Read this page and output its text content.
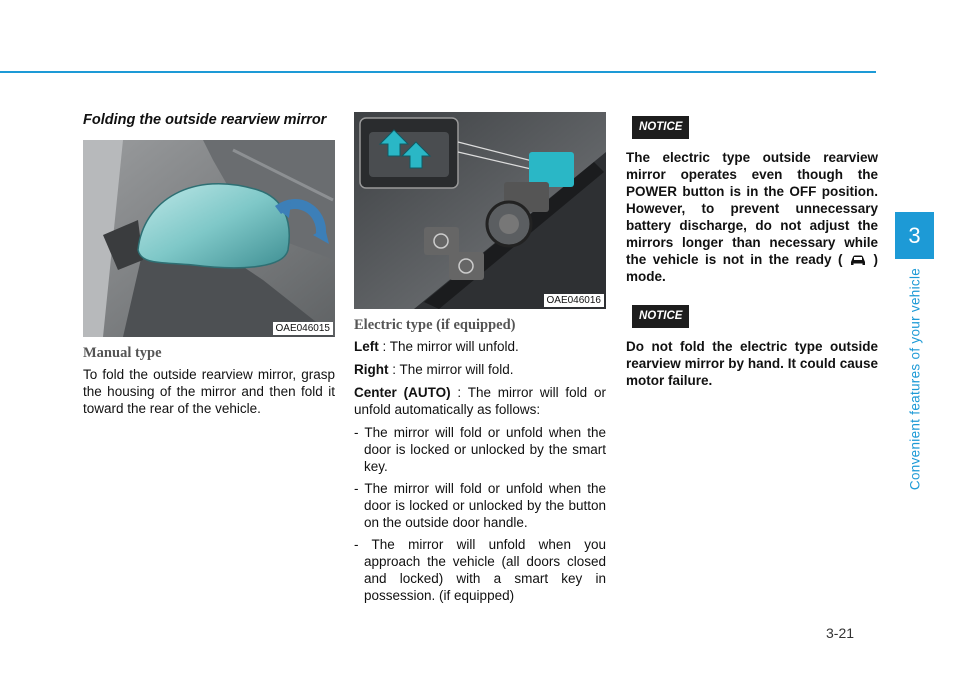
3
Convenient features of your vehicle
3-21
Folding the outside rearview mirror
OAE046015
Manual type

To fold the outside rearview mirror, grasp the housing of the mirror and then fold it toward the rear of the vehicle.

OAE046016
Electric type (if equipped)

Left : The mirror will unfold.

Right : The mirror will fold.

Center (AUTO) : The mirror will fold or unfold automatically as follows:

- The mirror will fold or unfold when the door is locked or unlocked by the smart key.

- The mirror will fold or unfold when the door is locked or unlocked by the button on the outside door handle.

- The mirror will unfold when you approach the vehicle (all doors closed and locked) with a smart key in possession. (if equipped)

NOTICE

The electric type outside rearview mirror operates even though the POWER button is in the OFF position. However, to prevent unnecessary battery discharge, do not adjust the mirrors longer than necessary while the vehicle is not in the ready (  ) mode.

NOTICE

Do not fold the electric type outside rearview mirror by hand. It could cause motor failure.
